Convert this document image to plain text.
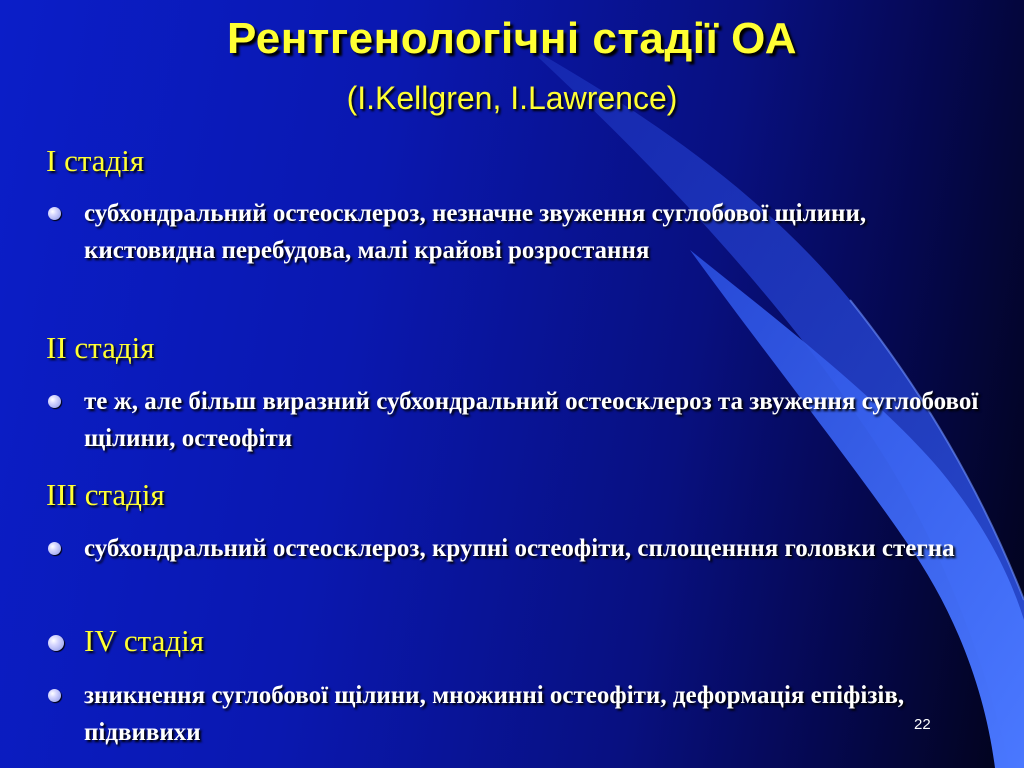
Рентгенологічні стадії ОА
(I.Kellgren, I.Lawrence)
І стадія
субхондральний остеосклероз, незначне звуження суглобової щілини, кистовидна перебудова, малі крайові розростання
ІІ стадія
те ж, але більш виразний субхондральний остеосклероз та звуження суглобової щілини, остеофіти
ІІІ стадія
субхондральний остеосклероз, крупні остеофіти, сплощенння головки стегна
ІV стадія
зникнення суглобової щілини, множинні остеофіти, деформація епіфізів, підвивихи	22
